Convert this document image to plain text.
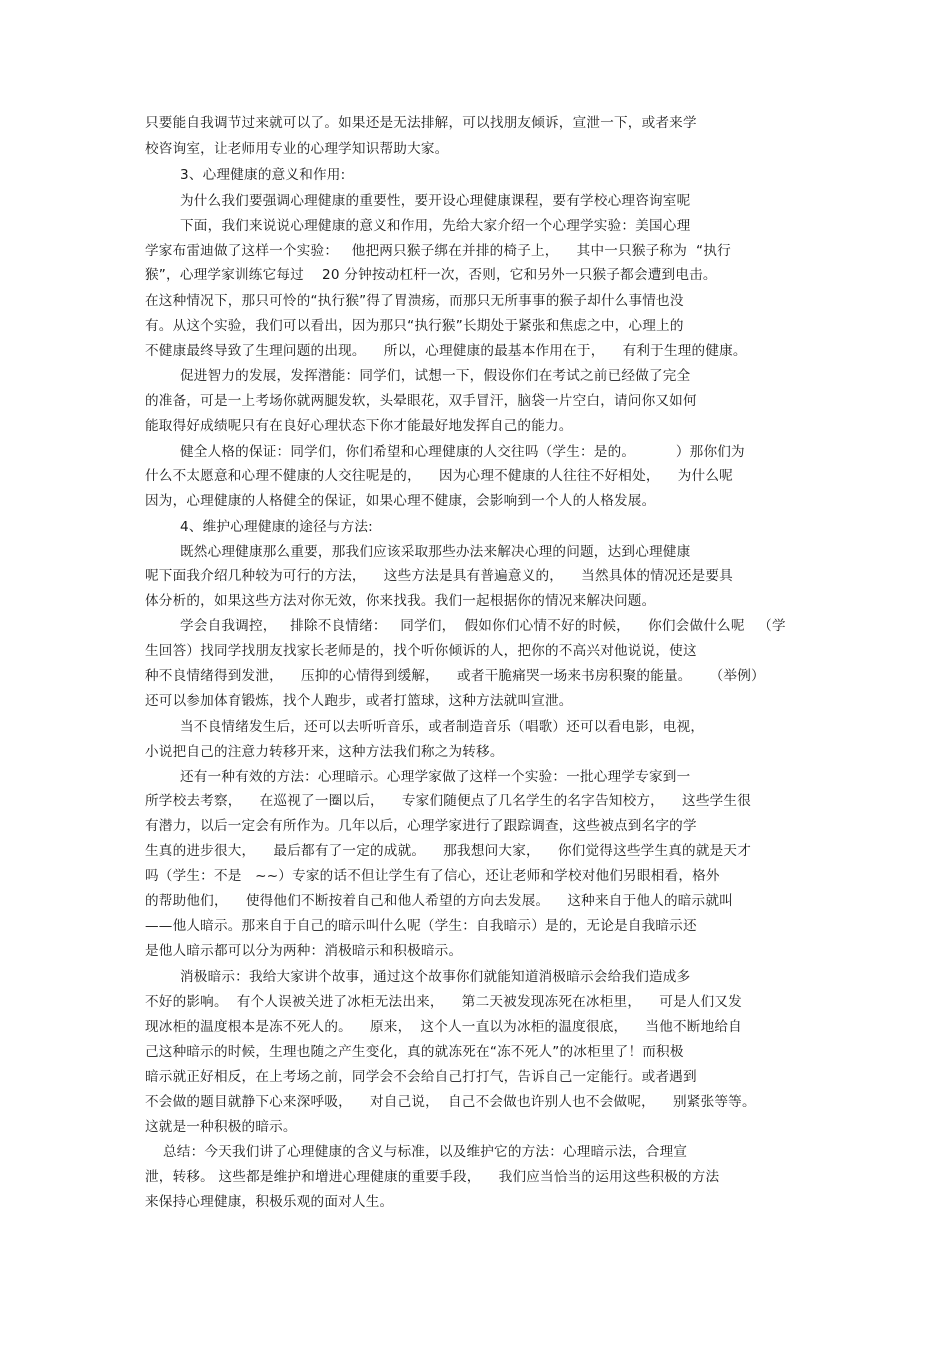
只要能自我调节过来就可以了。如果还是无法排解，可以找朋友倾诉，宣泄一下，或者来学
校咨询室，让老师用专业的心理学知识帮助大家。
3、心理健康的意义和作用:
为什么我们要强调心理健康的重要性，要开设心理健康课程，要有学校心理咨询室呢
下面，我们来说说心理健康的意义和作用，先给大家介绍一个心理学实验：美国心理
学家布雷迪做了这样一个实验：   他把两只猴子绑在并排的椅子上，    其中一只猴子称为  “执行
猴”，心理学家训练它每过    20 分钟按动杠杆一次，否则，它和另外一只猴子都会遭到电击。
在这种情况下，那只可怜的“执行猴”得了胃溃疡，而那只无所事事的猴子却什么事情也没
有。从这个实验，我们可以看出，因为那只“执行猴”长期处于紧张和焦虑之中，心理上的
不健康最终导致了生理问题的出现。    所以，心理健康的最基本作用在于，    有利于生理的健康。
促进智力的发展，发挥潜能：同学们，试想一下，假设你们在考试之前已经做了完全
的准备，可是一上考场你就两腿发软，头晕眼花，双手冒汗，脑袋一片空白，请问你又如何
能取得好成绩呢只有在良好心理状态下你才能最好地发挥自己的能力。
健全人格的保证：同学们，你们希望和心理健康的人交往吗（学生：是的。         ）那你们为
什么不太愿意和心理不健康的人交往呢是的，    因为心理不健康的人往往不好相处，    为什么呢
因为，心理健康的人格健全的保证，如果心理不健康，会影响到一个人的人格发展。
4、维护心理健康的途径与方法:
既然心理健康那么重要，那我们应该采取那些办法来解决心理的问题，达到心理健康
呢下面我介绍几种较为可行的方法，    这些方法是具有普遍意义的，    当然具体的情况还是要具
体分析的，如果这些方法对你无效，你来找我。我们一起根据你的情况来解决问题。
学会自我调控，   排除不良情绪：   同学们，  假如你们心情不好的时候，    你们会做什么呢   （学
生回答）找同学找朋友找家长老师是的，找个听你倾诉的人，把你的不高兴对他说说，使这
种不良情绪得到发泄，    压抑的心情得到缓解，    或者干脆痛哭一场来书房积聚的能量。    （举例）
还可以参加体育锻炼，找个人跑步，或者打篮球，这种方法就叫宣泄。
当不良情绪发生后，还可以去听听音乐，或者制造音乐（唱歌）还可以看电影，电视，
小说把自己的注意力转移开来，这种方法我们称之为转移。
还有一种有效的方法：心理暗示。心理学家做了这样一个实验：一批心理学专家到一
所学校去考察，    在巡视了一圈以后，    专家们随便点了几名学生的名字告知校方，    这些学生很
有潜力，以后一定会有所作为。几年以后，心理学家进行了跟踪调查，这些被点到名字的学
生真的进步很大，    最后都有了一定的成就。    那我想问大家，    你们觉得这些学生真的就是天才
吗（学生：不是   ~~）专家的话不但让学生有了信心，还让老师和学校对他们另眼相看，格外
的帮助他们，    使得他们不断按着自己和他人希望的方向去发展。    这种来自于他人的暗示就叫
——他人暗示。那来自于自己的暗示叫什么呢（学生：自我暗示）是的，无论是自我暗示还
是他人暗示都可以分为两种：消极暗示和积极暗示。
消极暗示：我给大家讲个故事，通过这个故事你们就能知道消极暗示会给我们造成多
不好的影响。  有个人误被关进了冰柜无法出来，    第二天被发现冻死在冰柜里，    可是人们又发
现冰柜的温度根本是冻不死人的。    原来，  这个人一直以为冰柜的温度很底，    当他不断地给自
己这种暗示的时候，生理也随之产生变化，真的就冻死在“冻不死人”的冰柜里了！而积极
暗示就正好相反，在上考场之前，同学会不会给自己打打气，告诉自己一定能行。或者遇到
不会做的题目就静下心来深呼吸，    对自己说，  自己不会做也许别人也不会做呢，    别紧张等等。
这就是一种积极的暗示。
总结：今天我们讲了心理健康的含义与标准，以及维护它的方法：心理暗示法，合理宣
泄，转移。 这些都是维护和增进心理健康的重要手段，    我们应当恰当的运用这些积极的方法
来保持心理健康，积极乐观的面对人生。
